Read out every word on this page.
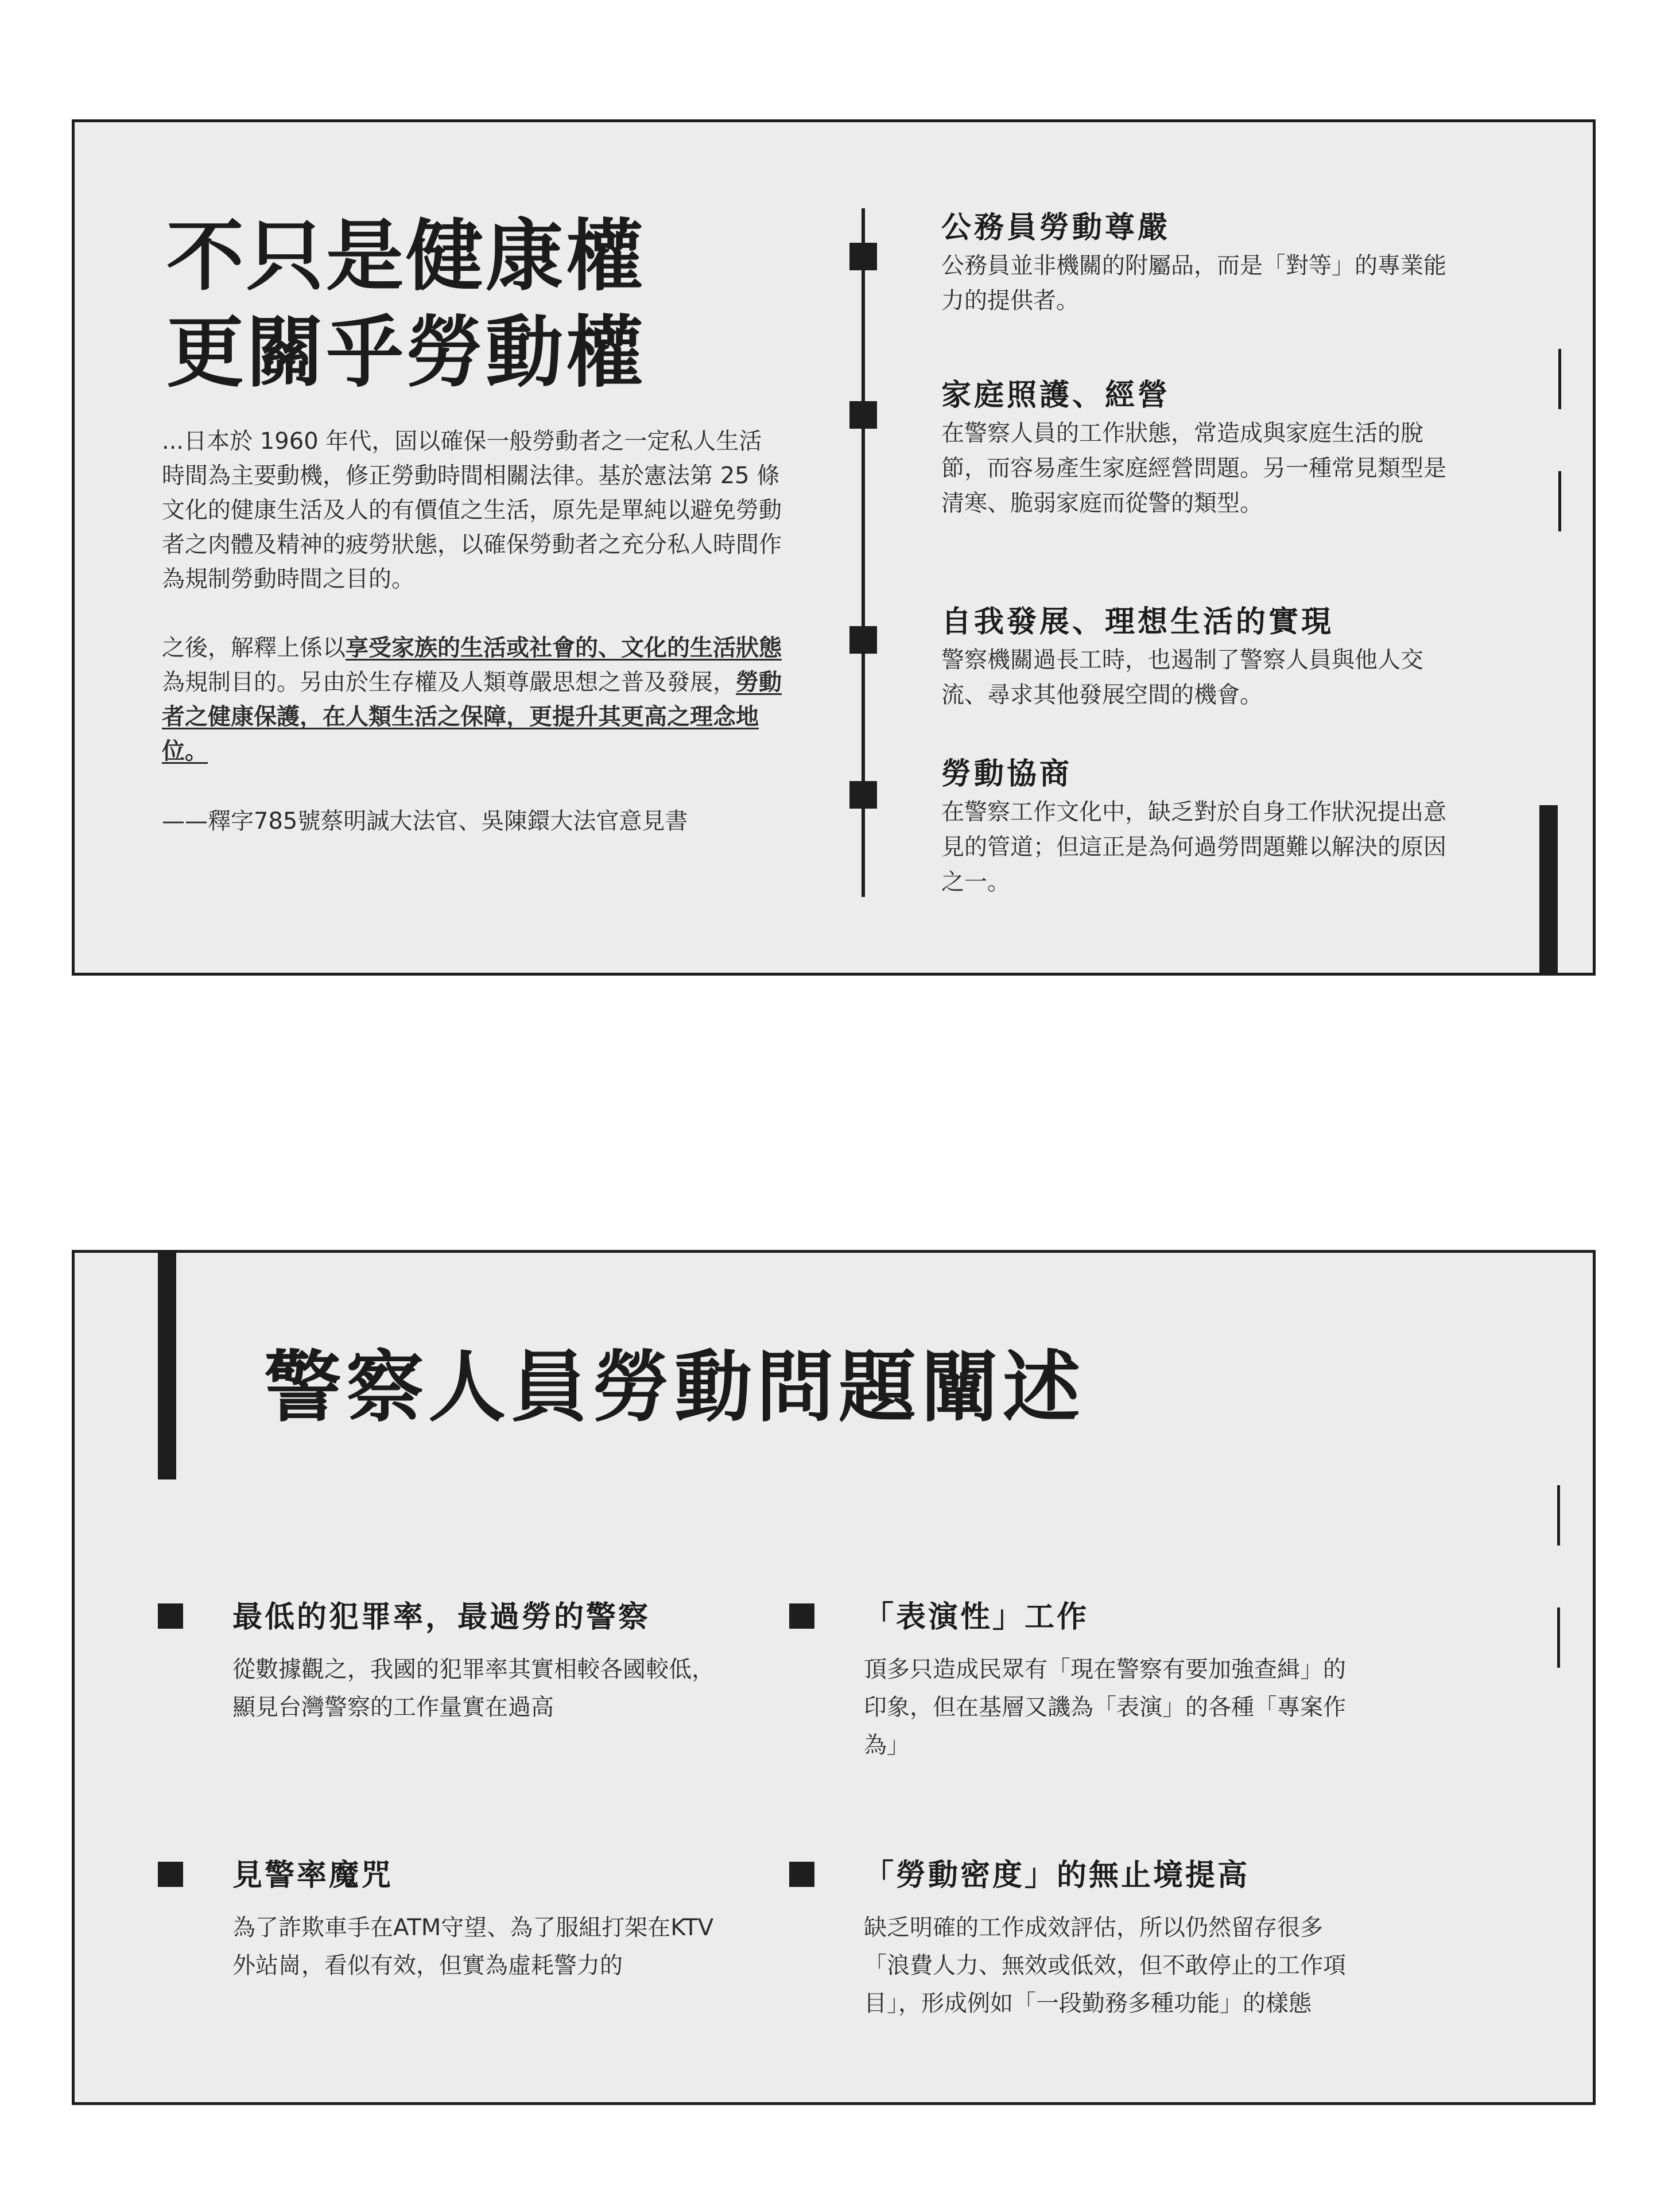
不只是健康權
更關乎勞動權

...日本於 1960 年代，固以確保一般勞動者之一定私人生活時間為主要動機，修正勞動時間相關法律。基於憲法第 25 條文化的健康生活及人的有價值之生活，原先是單純以避免勞動者之肉體及精神的疲勞狀態，以確保勞動者之充分私人時間作為規制勞動時間之目的。

之後，解釋上係以享受家族的生活或社會的、文化的生活狀態為規制目的。另由於生存權及人類尊嚴思想之普及發展，勞動者之健康保護，在人類生活之保障，更提升其更高之理念地位。

——釋字785號蔡明誠大法官、吳陳鐶大法官意見書

公務員勞動尊嚴

公務員並非機關的附屬品，而是「對等」的專業能力的提供者。

家庭照護、經營

在警察人員的工作狀態，常造成與家庭生活的脫節，而容易產生家庭經營問題。另一種常見類型是清寒、脆弱家庭而從警的類型。

自我發展、理想生活的實現

警察機關過長工時，也遏制了警察人員與他人交流、尋求其他發展空間的機會。

勞動協商

在警察工作文化中，缺乏對於自身工作狀況提出意見的管道；但這正是為何過勞問題難以解決的原因之一。

警察人員勞動問題闡述
最低的犯罪率，最過勞的警察

從數據觀之，我國的犯罪率其實相較各國較低，顯見台灣警察的工作量實在過高

「表演性」工作

頂多只造成民眾有「現在警察有要加強查緝」的印象，但在基層又譏為「表演」的各種「專案作為」

見警率魔咒

為了詐欺車手在ATM守望、為了服組打架在KTV外站崗，看似有效，但實為虛耗警力的

「勞動密度」的無止境提高

缺乏明確的工作成效評估，所以仍然留存很多「浪費人力、無效或低效，但不敢停止的工作項目」，形成例如「一段勤務多種功能」的樣態
